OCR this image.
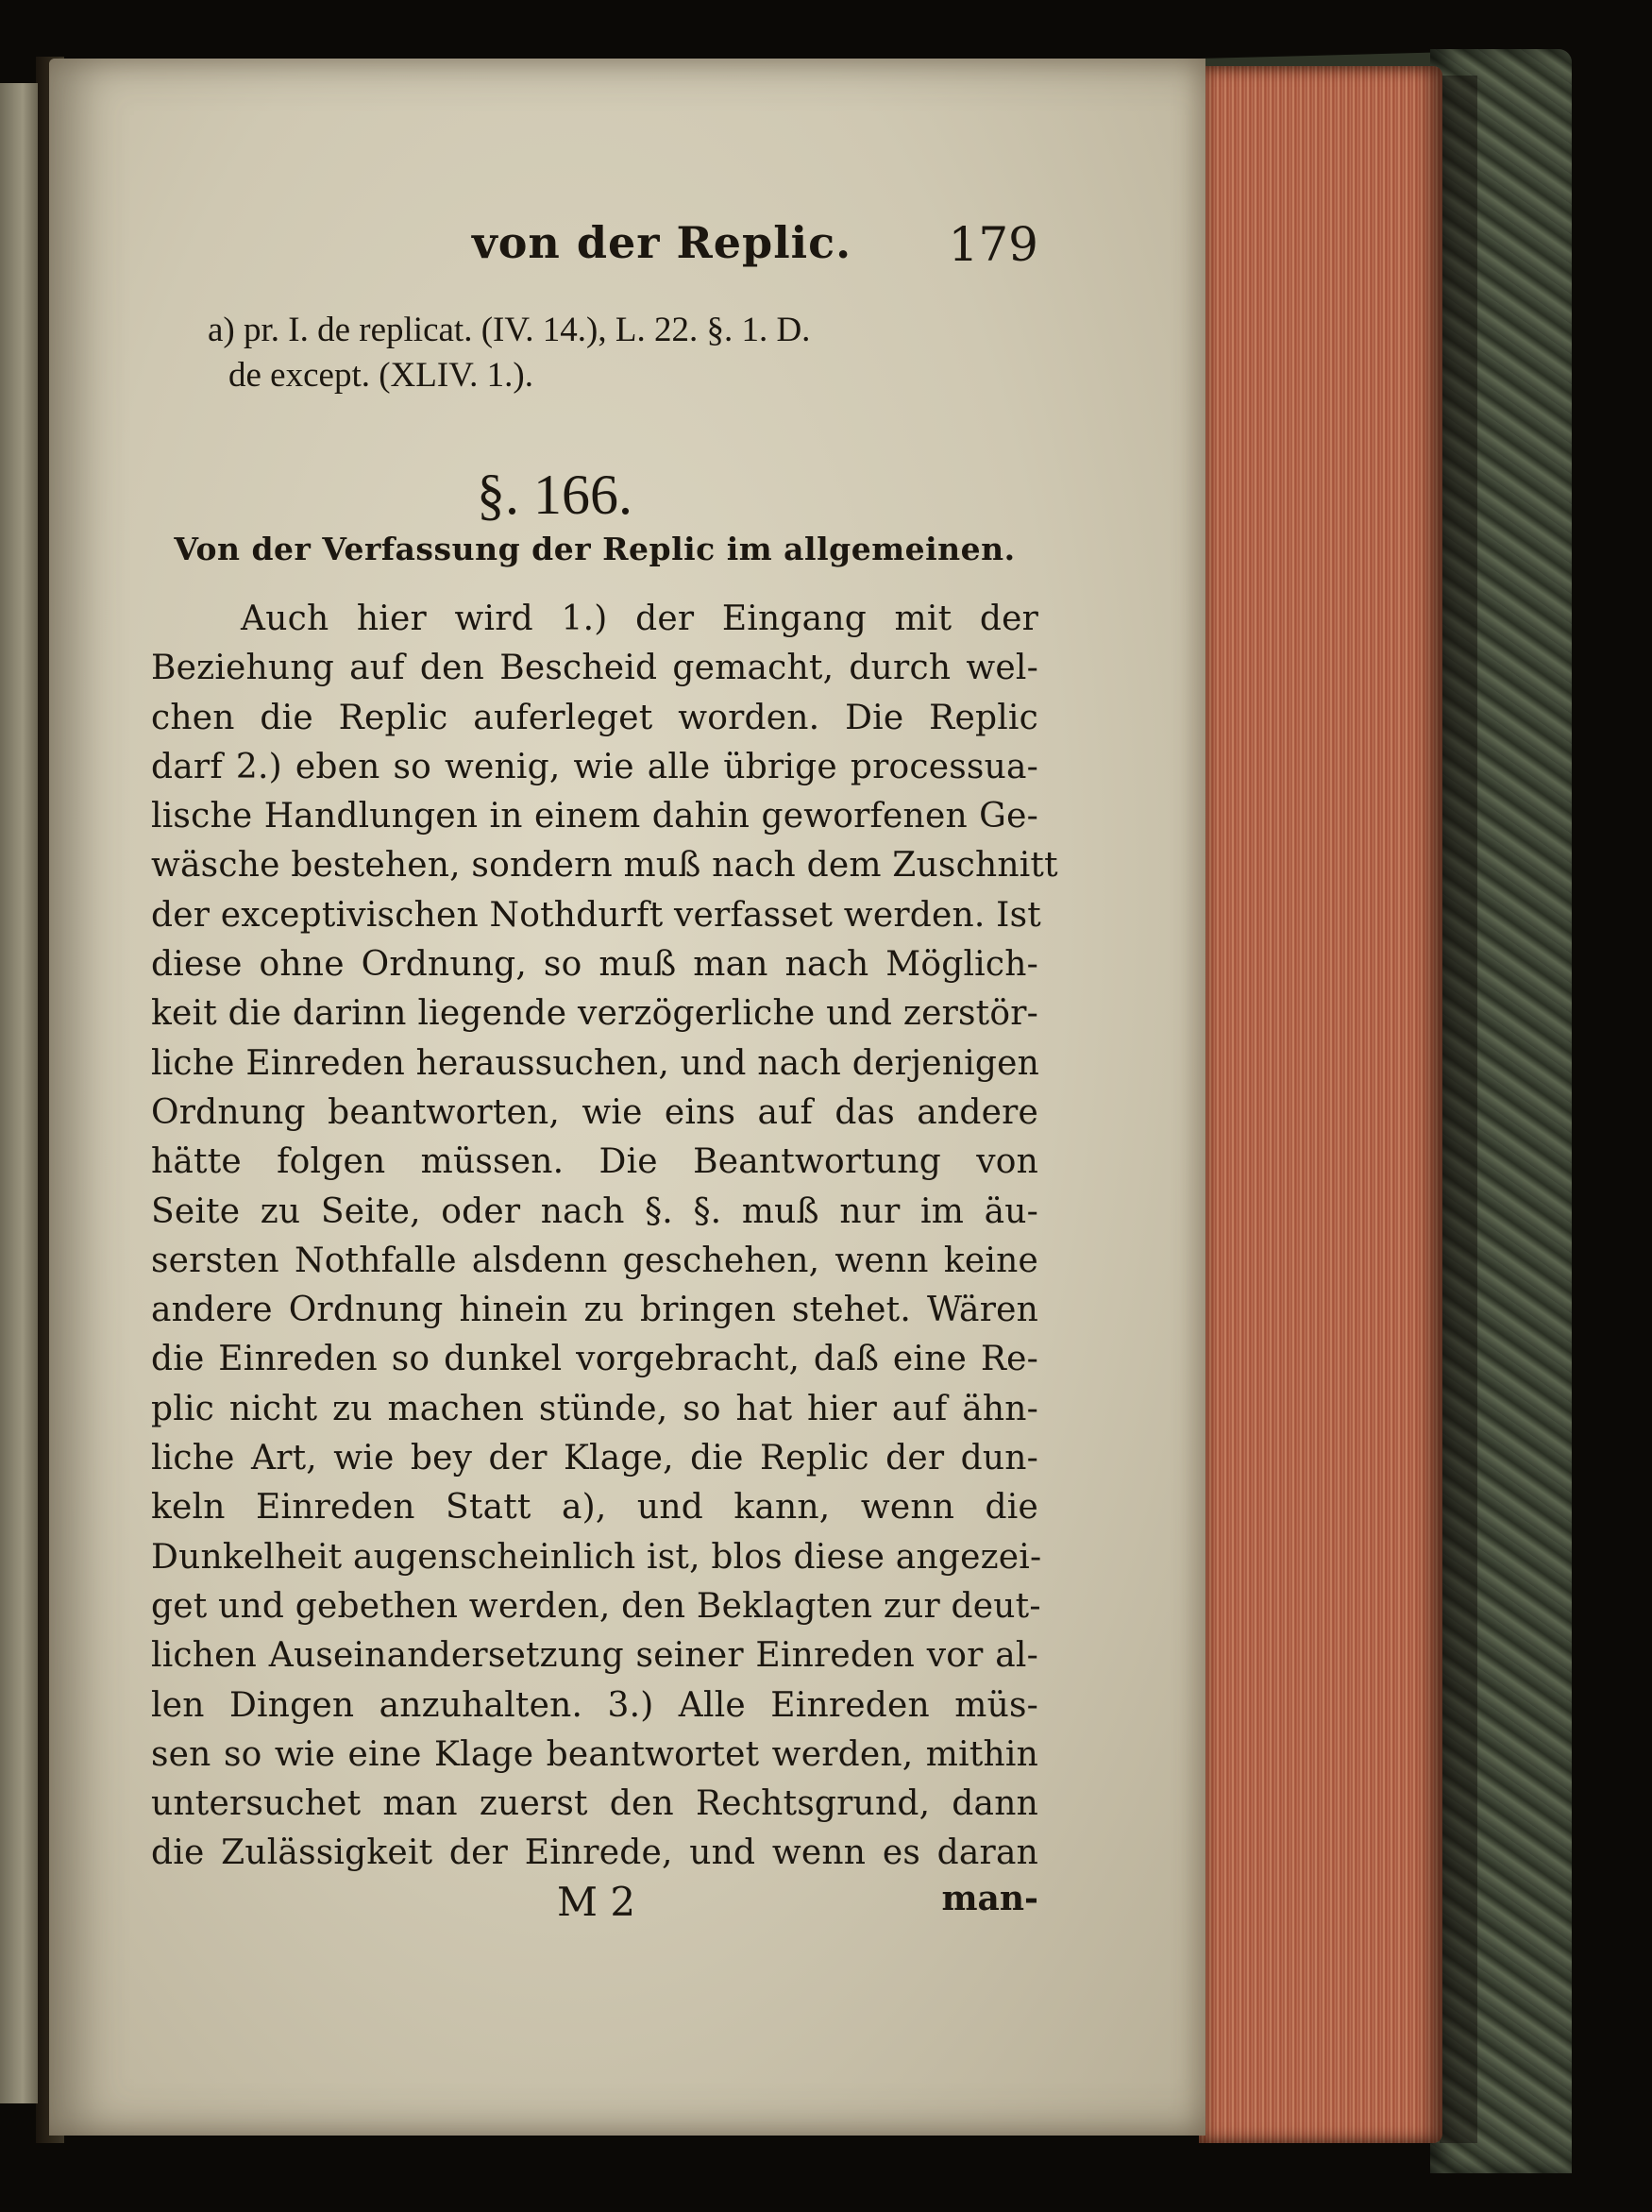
von der Replic. 179
a) pr. I. de replicat. (IV. 14.), L. 22. §. 1. D.
de except. (XLIV. 1.).
§. 166.
Von der Verfassung der Replic im allgemeinen.
Auch hier wird 1.) der Eingang mit der
Beziehung auf den Bescheid gemacht, durch wel-
chen die Replic auferleget worden. Die Replic
darf 2.) eben so wenig, wie alle übrige processua-
lische Handlungen in einem dahin geworfenen Ge-
wäsche bestehen, sondern muß nach dem Zuschnitt
der exceptivischen Nothdurft verfasset werden. Ist
diese ohne Ordnung, so muß man nach Möglich-
keit die darinn liegende verzögerliche und zerstör-
liche Einreden heraussuchen, und nach derjenigen
Ordnung beantworten, wie eins auf das andere
hätte folgen müssen. Die Beantwortung von
Seite zu Seite, oder nach §. §. muß nur im äu-
sersten Nothfalle alsdenn geschehen, wenn keine
andere Ordnung hinein zu bringen stehet. Wären
die Einreden so dunkel vorgebracht, daß eine Re-
plic nicht zu machen stünde, so hat hier auf ähn-
liche Art, wie bey der Klage, die Replic der dun-
keln Einreden Statt a), und kann, wenn die
Dunkelheit augenscheinlich ist, blos diese angezei-
get und gebethen werden, den Beklagten zur deut-
lichen Auseinandersetzung seiner Einreden vor al-
len Dingen anzuhalten. 3.) Alle Einreden müs-
sen so wie eine Klage beantwortet werden, mithin
untersuchet man zuerst den Rechtsgrund, dann
die Zulässigkeit der Einrede, und wenn es daran
M 2	man-
